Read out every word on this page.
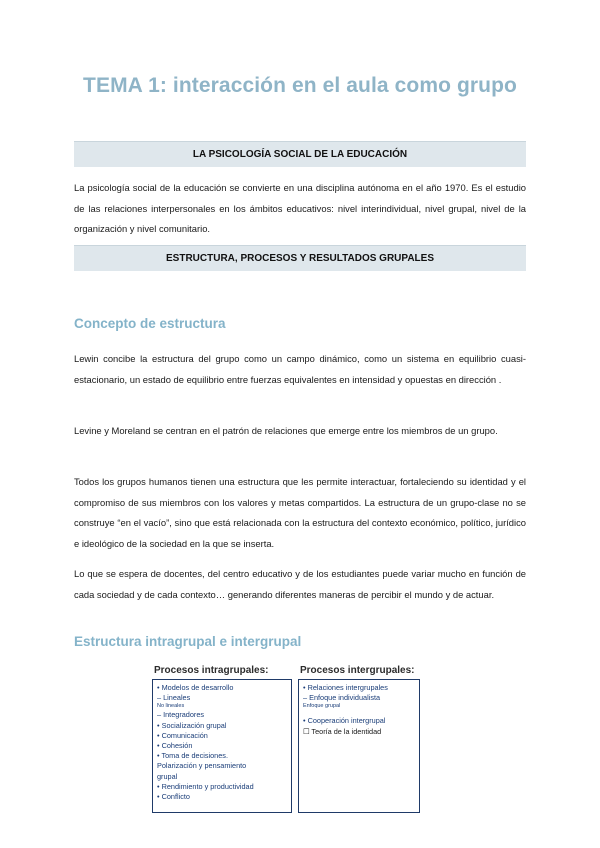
TEMA 1: interacción en el aula como grupo
LA PSICOLOGÍA SOCIAL DE LA EDUCACIÓN
La psicología social de la educación se convierte en una disciplina autónoma en el año 1970. Es el estudio de las relaciones interpersonales en los ámbitos educativos: nivel interindividual, nivel grupal, nivel de la organización y nivel comunitario.
ESTRUCTURA, PROCESOS Y RESULTADOS GRUPALES
Concepto de estructura
Lewin concibe la estructura del grupo como un campo dinámico, como un sistema en equilibrio cuasi-estacionario, un estado de equilibrio entre fuerzas equivalentes en intensidad y opuestas en dirección .
Levine y Moreland se centran en el patrón de relaciones que emerge entre los miembros de un grupo.
Todos los grupos humanos tienen una estructura que les permite interactuar, fortaleciendo su identidad y el compromiso de sus miembros con los valores y metas compartidos. La estructura de un grupo-clase no se construye “en el vacío”, sino que está relacionada con la estructura del contexto económico, político, jurídico e ideológico de la sociedad en la que se inserta.
Lo que se espera de docentes, del centro educativo y de los estudiantes puede variar mucho en función de cada sociedad y de cada contexto… generando diferentes maneras de percibir el mundo y de actuar.
Estructura intragrupal e intergrupal
Procesos intragrupales:
• Modelos de desarrollo
– Lineales
No lineales
– Integradores
• Socialización grupal
• Comunicación
• Cohesión
• Toma de decisiones.
Polarización y pensamiento
grupal
• Rendimiento y productividad
• Conflicto
Procesos intergrupales:
• Relaciones intergrupales
– Enfoque individualista
Enfoque grupal
• Cooperación intergrupal
☐ Teoría de la identidad
